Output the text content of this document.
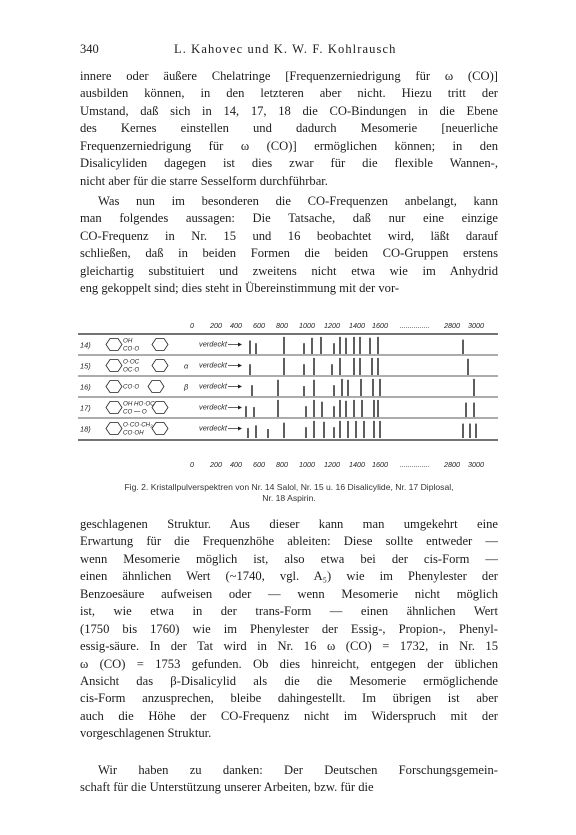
340	L. Kahovec und K. W. F. Kohlrausch
innere oder äußere Chelatringe [Frequenzerniedrigung für ω (CO)]
ausbilden können, in den letzteren aber nicht. Hiezu tritt der
Umstand, daß sich in 14, 17, 18 die CO-Bindungen in die Ebene
des Kernes einstellen und dadurch Mesomerie [neuerliche
Frequenzerniedrigung für ω (CO)] ermöglichen können; in den
Disalicyliden dagegen ist dies zwar für die flexible Wannen-,
nicht aber für die starre Sesselform durchführbar.
Was nun im besonderen die CO-Frequenzen anbelangt, kann
man folgendes aussagen: Die Tatsache, daß nur eine einzige
CO-Frequenz in Nr. 15 und 16 beobachtet wird, läßt darauf
schließen, daß in beiden Formen die beiden CO-Gruppen erstens
gleichartig substituiert und zweitens nicht etwa wie im Anhydrid
eng gekoppelt sind; dies steht in Übereinstimmung mit der vor-
0
0
200
200
400
400
600
600
800
800
1000
1000
1200
1200
1400
1400
1600
1600
2800
2800
3000
3000
...............
...............
14)	OH
CO·O
verdeckt
15)	O·OC
OC·O	α verdeckt
16)	CO·O	β verdeckt
17)	OH HO·OC
CO — O
verdeckt
18)	O·CO·CH₃
CO·OH
verdeckt
Fig. 2. Kristallpulverspektren von Nr. 14 Salol, Nr. 15 u. 16 Disalicylide, Nr. 17 Diplosal,
Nr. 18 Aspirin.
geschlagenen Struktur. Aus dieser kann man umgekehrt eine
Erwartung für die Frequenzhöhe ableiten: Diese sollte entweder —
wenn Mesomerie möglich ist, also etwa bei der cis-Form —
einen ähnlichen Wert (~1740, vgl. A₅) wie im Phenylester der
Benzoesäure aufweisen oder — wenn Mesomerie nicht möglich
ist, wie etwa in der trans-Form — einen ähnlichen Wert
(1750 bis 1760) wie im Phenylester der Essig-, Propion-, Phenyl-
essig-säure. In der Tat wird in Nr. 16 ω (CO) = 1732, in Nr. 15
ω (CO) = 1753 gefunden. Ob dies hinreicht, entgegen der üblichen
Ansicht das β-Disalicylid als die die Mesomerie ermöglichende
cis-Form anzusprechen, bleibe dahingestellt. Im übrigen ist aber
auch die Höhe der CO-Frequenz nicht im Widerspruch mit der
vorgeschlagenen Struktur.
Wir haben zu danken: Der Deutschen Forschungsgemein-
schaft für die Unterstützung unserer Arbeiten, bzw. für die
